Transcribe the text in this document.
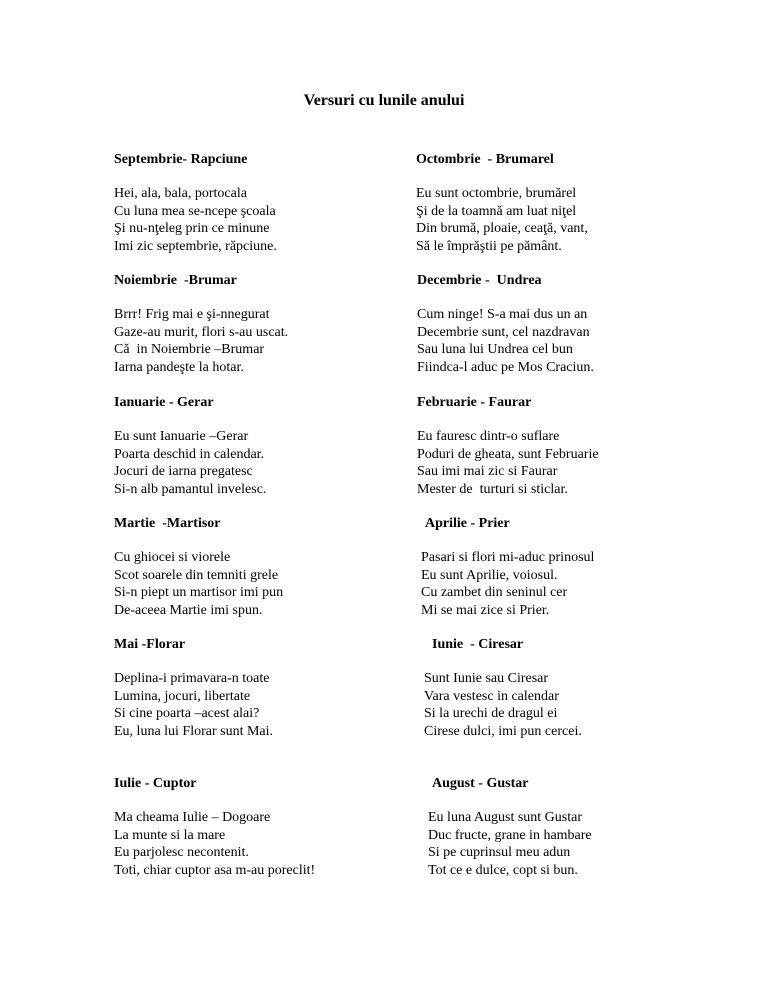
Versuri cu lunile anului
Septembrie- Rapciune
Hei, ala, bala, portocala
Cu luna mea se-ncepe şcoala
Şi nu-nţeleg prin ce minune
Imi zic septembrie, răpciune.
Octombrie  - Brumarel
Eu sunt octombrie, brumărel
Şi de la toamnă am luat niţel
Din brumă, ploaie, ceaţă, vant,
Să le împrăştii pe pământ.
Noiembrie  -Brumar
Brrr! Frig mai e şi-nnegurat
Gaze-au murit, flori s-au uscat.
Că  in Noiembrie –Brumar
Iarna pandeşte la hotar.
Decembrie -  Undrea
Cum ninge! S-a mai dus un an
Decembrie sunt, cel nazdravan
Sau luna lui Undrea cel bun
Fiindca-l aduc pe Mos Craciun.
Ianuarie - Gerar
Eu sunt Ianuarie –Gerar
Poarta deschid in calendar.
Jocuri de iarna pregatesc
Si-n alb pamantul invelesc.
Februarie - Faurar
Eu fauresc dintr-o suflare
Poduri de gheata, sunt Februarie
Sau imi mai zic si Faurar
Mester de  turturi si sticlar.
Martie  -Martisor
Cu ghiocei si viorele
Scot soarele din temniti grele
Si-n piept un martisor imi pun
De-aceea Martie imi spun.
Aprilie - Prier
Pasari si flori mi-aduc prinosul
Eu sunt Aprilie, voiosul.
Cu zambet din seninul cer
Mi se mai zice si Prier.
Mai -Florar
Deplina-i primavara-n toate
Lumina, jocuri, libertate
Si cine poarta –acest alai?
Eu, luna lui Florar sunt Mai.
Iunie  - Ciresar
Sunt Iunie sau Ciresar
Vara vestesc in calendar
Si la urechi de dragul ei
Cirese dulci, imi pun cercei.
Iulie - Cuptor
Ma cheama Iulie – Dogoare
La munte si la mare
Eu parjolesc necontenit.
Toti, chiar cuptor asa m-au poreclit!
August - Gustar
Eu luna August sunt Gustar
Duc fructe, grane in hambare
Si pe cuprinsul meu adun
Tot ce e dulce, copt si bun.
